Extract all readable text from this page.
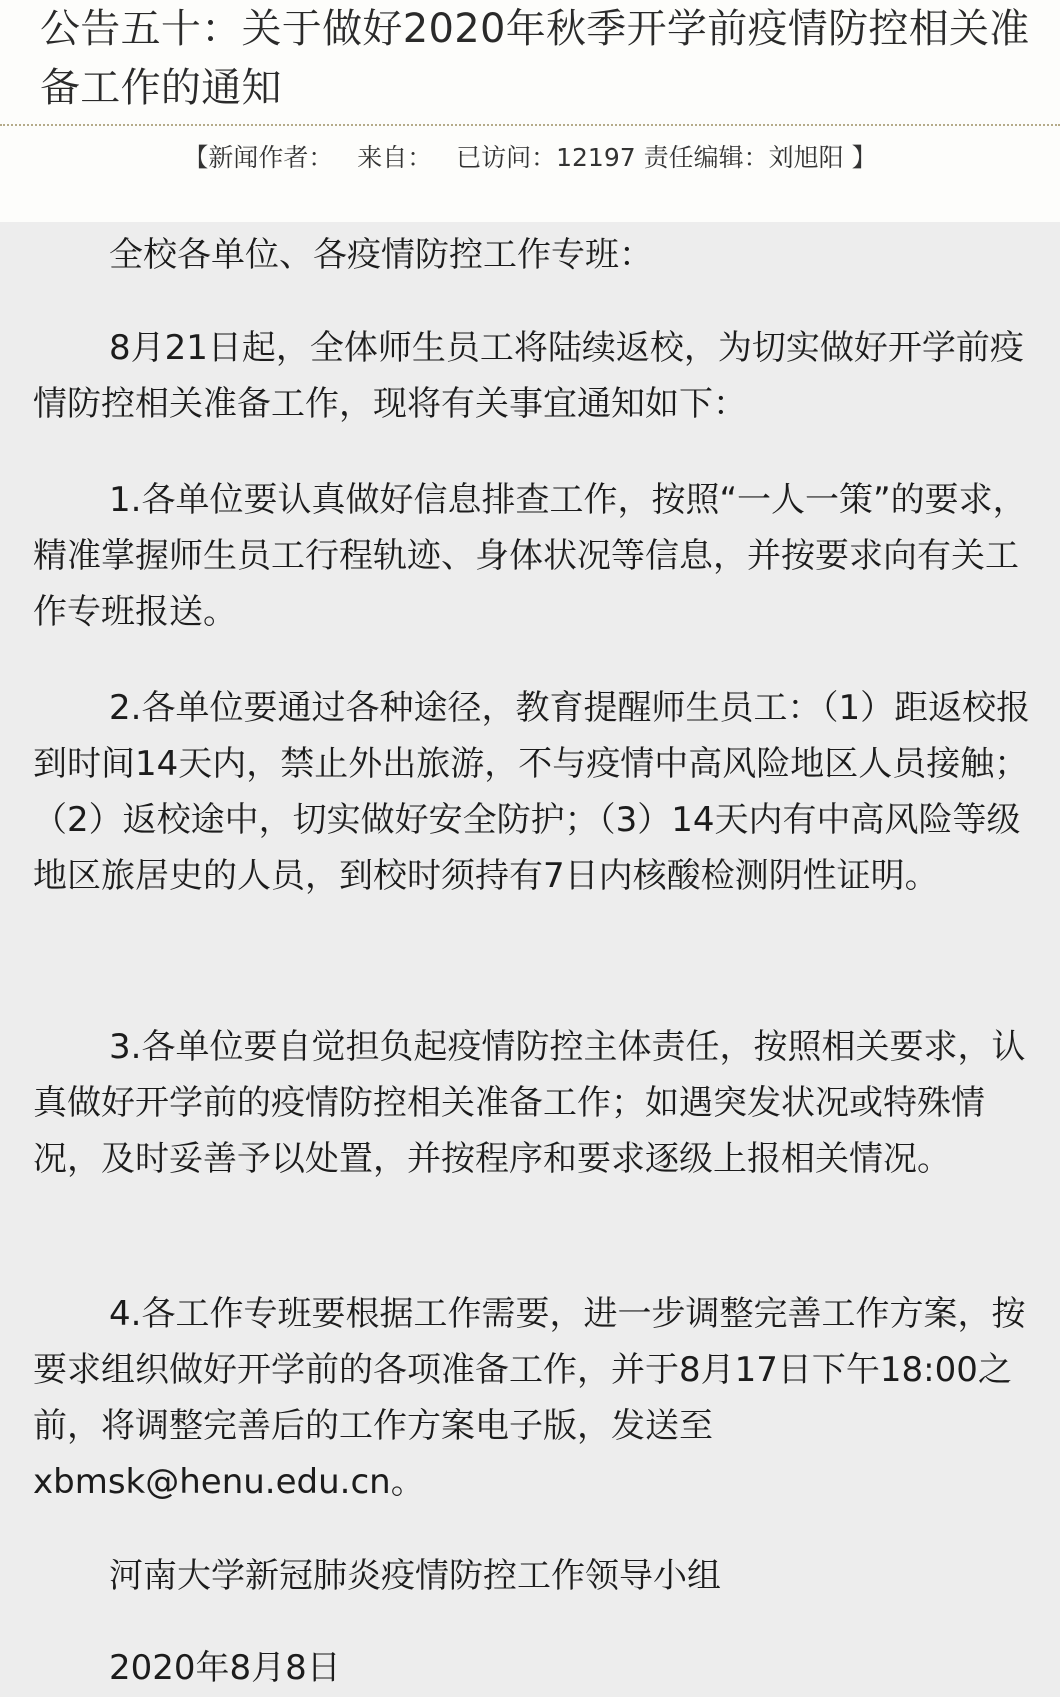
公告五十：关于做好2020年秋季开学前疫情防控相关准备工作的通知
【新闻作者： 来自： 已访问：12197 责任编辑：刘旭阳 】

全校各单位、各疫情防控工作专班：

8月21日起，全体师生员工将陆续返校，为切实做好开学前疫情防控相关准备工作，现将有关事宜通知如下：

1.各单位要认真做好信息排查工作，按照“一人一策”的要求，精准掌握师生员工行程轨迹、身体状况等信息，并按要求向有关工作专班报送。

2.各单位要通过各种途径，教育提醒师生员工：（1）距返校报到时间14天内，禁止外出旅游，不与疫情中高风险地区人员接触；（2）返校途中，切实做好安全防护；（3）14天内有中高风险等级地区旅居史的人员，到校时须持有7日内核酸检测阴性证明。

3.各单位要自觉担负起疫情防控主体责任，按照相关要求，认真做好开学前的疫情防控相关准备工作；如遇突发状况或特殊情况，及时妥善予以处置，并按程序和要求逐级上报相关情况。

4.各工作专班要根据工作需要，进一步调整完善工作方案，按要求组织做好开学前的各项准备工作，并于8月17日下午18:00之前，将调整完善后的工作方案电子版，发送至xbmsk@henu.edu.cn。

河南大学新冠肺炎疫情防控工作领导小组

2020年8月8日
